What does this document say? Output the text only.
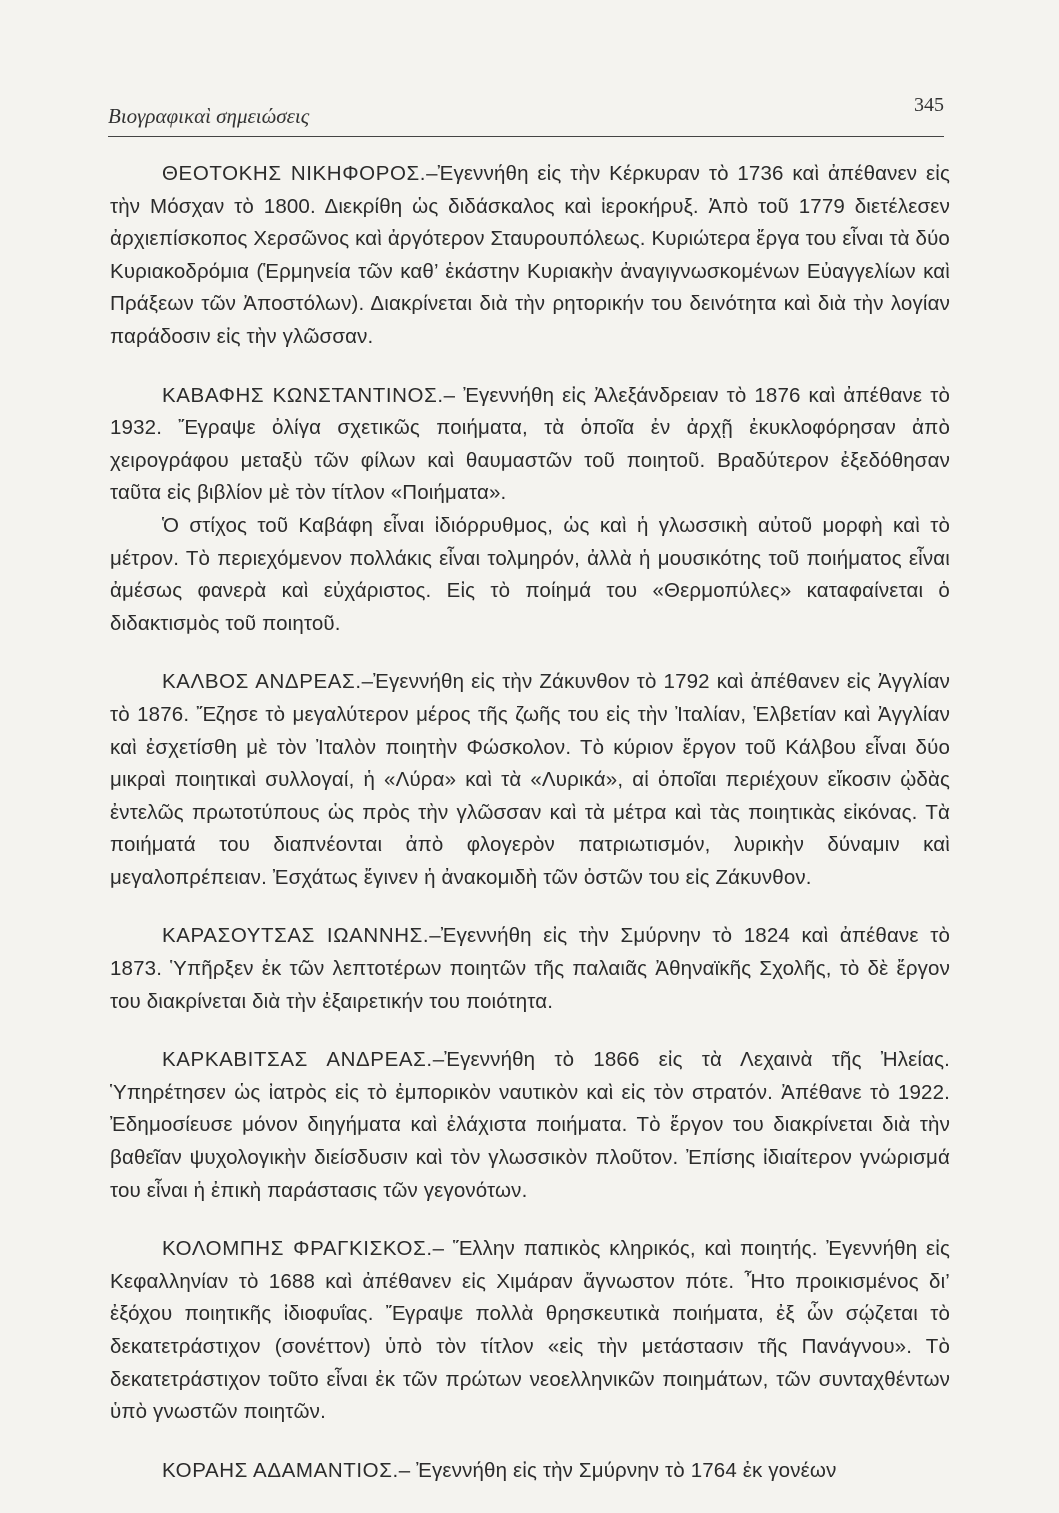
Βιογραφικαὶ σημειώσεις	345

ΘΕΟΤΟΚΗΣ ΝΙΚΗΦΟΡΟΣ.–Ἐγεννήθη εἰς τὴν Κέρκυραν τὸ 1736 καὶ ἀπέθανεν εἰς τὴν Μόσχαν τὸ 1800. Διεκρίθη ὡς διδάσκαλος καὶ ἱεροκήρυξ. Ἀπὸ τοῦ 1779 διετέλεσεν ἀρχιεπίσκοπος Χερσῶνος καὶ ἀργότερον Σταυρουπόλεως. Κυριώτερα ἔργα του εἶναι τὰ δύο Κυριακοδρόμια (Ἑρμηνεία τῶν καθ’ ἑκάστην Κυριακὴν ἀναγιγνωσκομένων Εὐαγγελίων καὶ Πράξεων τῶν Ἀποστόλων). Διακρίνεται διὰ τὴν ρητορικήν του δεινότητα καὶ διὰ τὴν λογίαν παράδοσιν εἰς τὴν γλῶσσαν.

ΚΑΒΑΦΗΣ ΚΩΝΣΤΑΝΤΙΝΟΣ.– Ἐγεννήθη εἰς Ἀλεξάνδρειαν τὸ 1876 καὶ ἀπέθανε τὸ 1932. Ἔγραψε ὀλίγα σχετικῶς ποιήματα, τὰ ὁποῖα ἐν ἀρχῇ ἐκυκλοφόρησαν ἀπὸ χειρογράφου μεταξὺ τῶν φίλων καὶ θαυμαστῶν τοῦ ποιητοῦ. Βραδύτερον ἐξεδόθησαν ταῦτα εἰς βιβλίον μὲ τὸν τίτλον «Ποιήματα».

Ὁ στίχος τοῦ Καβάφη εἶναι ἰδιόρρυθμος, ὡς καὶ ἡ γλωσσικὴ αὐτοῦ μορφὴ καὶ τὸ μέτρον. Τὸ περιεχόμενον πολλάκις εἶναι τολμηρόν, ἀλλὰ ἡ μουσικότης τοῦ ποιήματος εἶναι ἀμέσως φανερὰ καὶ εὐχάριστος. Εἰς τὸ ποίημά του «Θερμοπύλες» καταφαίνεται ὁ διδακτισμὸς τοῦ ποιητοῦ.

ΚΑΛΒΟΣ ΑΝΔΡΕΑΣ.–Ἐγεννήθη εἰς τὴν Ζάκυνθον τὸ 1792 καὶ ἀπέθανεν εἰς Ἀγγλίαν τὸ 1876. Ἔζησε τὸ μεγαλύτερον μέρος τῆς ζωῆς του εἰς τὴν Ἰταλίαν, Ἑλβετίαν καὶ Ἀγγλίαν καὶ ἐσχετίσθη μὲ τὸν Ἰταλὸν ποιητὴν Φώσκολον. Τὸ κύριον ἔργον τοῦ Κάλβου εἶναι δύο μικραὶ ποιητικαὶ συλλογαί, ἡ «Λύρα» καὶ τὰ «Λυρικά», αἱ ὁποῖαι περιέχουν εἴκοσιν ᾠδὰς ἐντελῶς πρωτοτύπους ὡς πρὸς τὴν γλῶσσαν καὶ τὰ μέτρα καὶ τὰς ποιητικὰς εἰκόνας. Τὰ ποιήματά του διαπνέονται ἀπὸ φλογερὸν πατριωτισμόν, λυρικὴν δύναμιν καὶ μεγαλοπρέπειαν. Ἐσχάτως ἔγινεν ἡ ἀνακομιδὴ τῶν ὀστῶν του εἰς Ζάκυνθον.

ΚΑΡΑΣΟΥΤΣΑΣ ΙΩΑΝΝΗΣ.–Ἐγεννήθη εἰς τὴν Σμύρνην τὸ 1824 καὶ ἀπέθανε τὸ 1873. Ὑπῆρξεν ἐκ τῶν λεπτοτέρων ποιητῶν τῆς παλαιᾶς Ἀθηναϊκῆς Σχολῆς, τὸ δὲ ἔργον του διακρίνεται διὰ τὴν ἐξαιρετικήν του ποιότητα.

ΚΑΡΚΑΒΙΤΣΑΣ ΑΝΔΡΕΑΣ.–Ἐγεννήθη τὸ 1866 εἰς τὰ Λεχαινὰ τῆς Ἠλείας. Ὑπηρέτησεν ὡς ἰατρὸς εἰς τὸ ἐμπορικὸν ναυτικὸν καὶ εἰς τὸν στρατόν. Ἀπέθανε τὸ 1922. Ἐδημοσίευσε μόνον διηγήματα καὶ ἐλάχιστα ποιήματα. Τὸ ἔργον του διακρίνεται διὰ τὴν βαθεῖαν ψυχολογικὴν διείσδυσιν καὶ τὸν γλωσσικὸν πλοῦτον. Ἐπίσης ἰδιαίτερον γνώρισμά του εἶναι ἡ ἐπικὴ παράστασις τῶν γεγονότων.

ΚΟΛΟΜΠΗΣ ΦΡΑΓΚΙΣΚΟΣ.– Ἕλλην παπικὸς κληρικός, καὶ ποιητής. Ἐγεννήθη εἰς Κεφαλληνίαν τὸ 1688 καὶ ἀπέθανεν εἰς Χιμάραν ἄγνωστον πότε. Ἦτο προικισμένος δι’ ἐξόχου ποιητικῆς ἰδιοφυΐας. Ἔγραψε πολλὰ θρησκευτικὰ ποιήματα, ἐξ ὧν σῴζεται τὸ δεκατετράστιχον (σονέττον) ὑπὸ τὸν τίτλον «εἰς τὴν μετάστασιν τῆς Πανάγνου». Τὸ δεκατετράστιχον τοῦτο εἶναι ἐκ τῶν πρώτων νεοελληνικῶν ποιημάτων, τῶν συνταχθέντων ὑπὸ γνωστῶν ποιητῶν.

ΚΟΡΑΗΣ ΑΔΑΜΑΝΤΙΟΣ.– Ἐγεννήθη εἰς τὴν Σμύρνην τὸ 1764 ἐκ γονέων
